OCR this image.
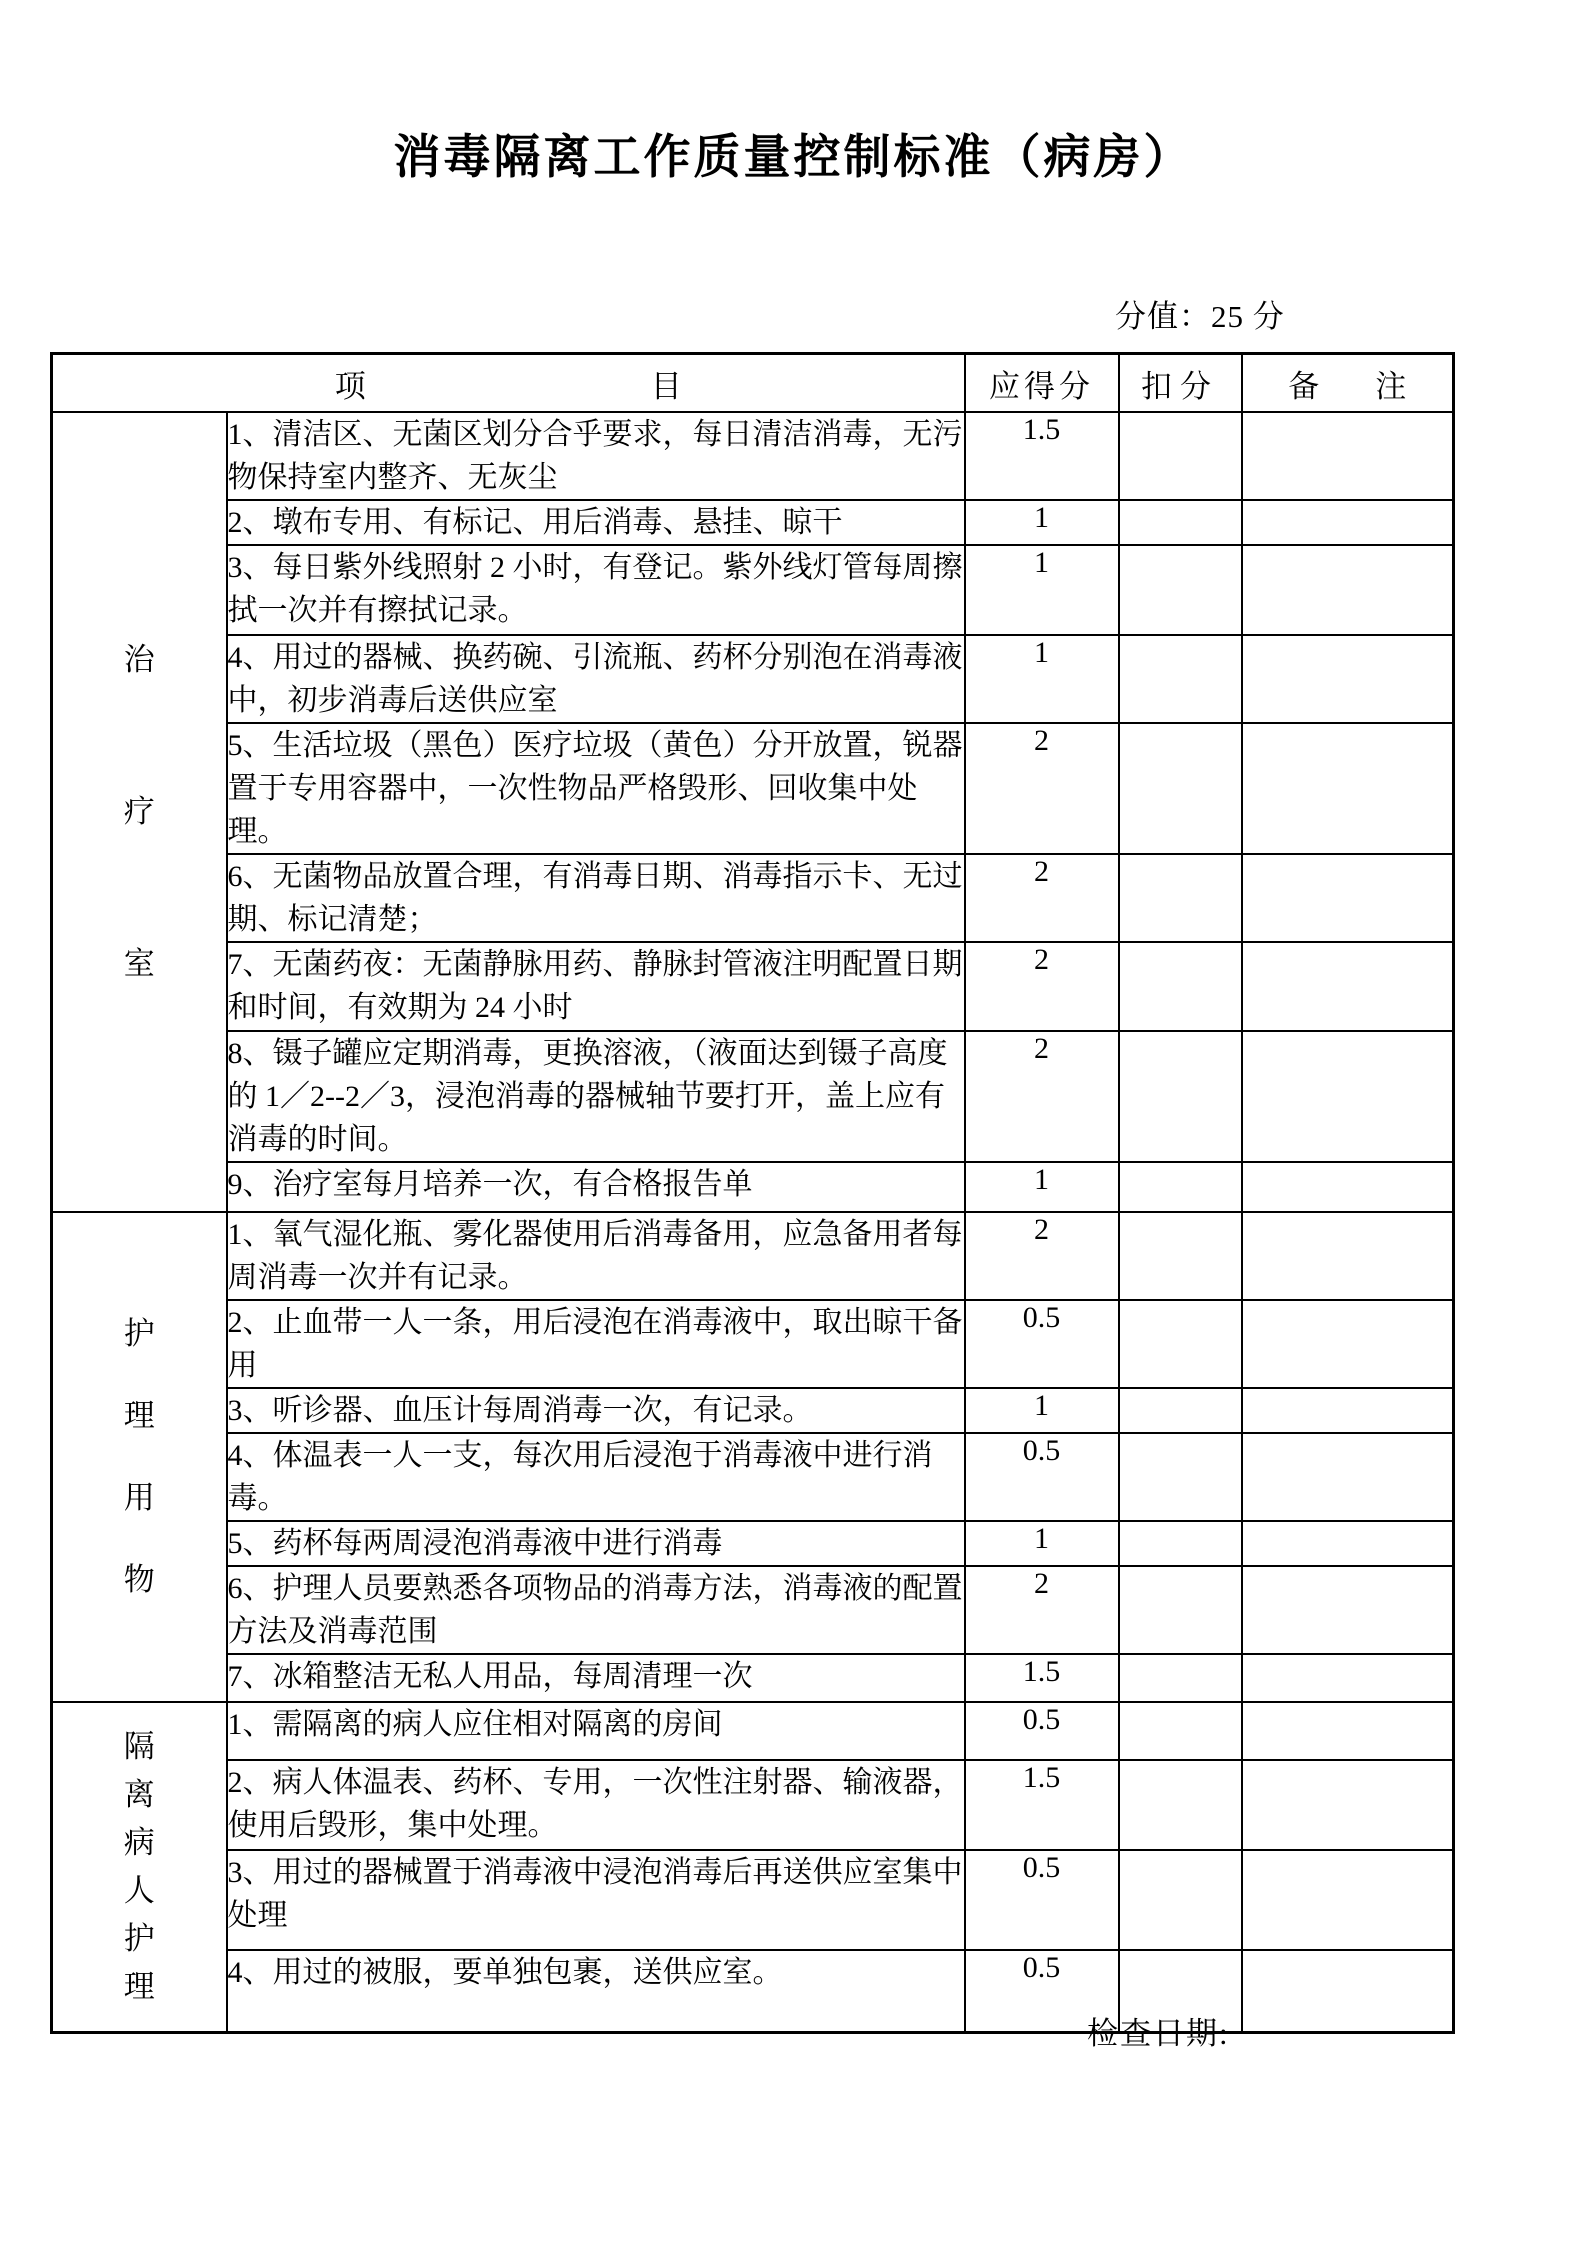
消毒隔离工作质量控制标准（病房）
分值：25 分
项 目		应得分	扣分	备 注

治
疗
室	1、清洁区、无菌区划分合乎要求，每日清洁消毒，无污物保持室内整齐、无灰尘	1.5		
	2、墩布专用、有标记、用后消毒、悬挂、晾干	1		
	3、每日紫外线照射 2 小时，有登记。紫外线灯管每周擦拭一次并有擦拭记录。	1		
	4、用过的器械、换药碗、引流瓶、药杯分别泡在消毒液中，初步消毒后送供应室	1		
	5、生活垃圾（黑色）医疗垃圾（黄色）分开放置，锐器置于专用容器中，一次性物品严格毁形、回收集中处理。	2		
	6、无菌物品放置合理，有消毒日期、消毒指示卡、无过期、标记清楚；	2		
	7、无菌药夜：无菌静脉用药、静脉封管液注明配置日期和时间，有效期为 24 小时	2		
	8、镊子罐应定期消毒，更换溶液，（液面达到镊子高度的 1／2--2／3，浸泡消毒的器械轴节要打开，盖上应有消毒的时间。	2		
	9、治疗室每月培养一次，有合格报告单	1		

护
理
用
物	1、氧气湿化瓶、雾化器使用后消毒备用，应急备用者每周消毒一次并有记录。	2		
	2、止血带一人一条，用后浸泡在消毒液中，取出晾干备用	0.5		
	3、听诊器、血压计每周消毒一次，有记录。	1		
	4、体温表一人一支，每次用后浸泡于消毒液中进行消毒。	0.5		
	5、药杯每两周浸泡消毒液中进行消毒	1		
	6、护理人员要熟悉各项物品的消毒方法，消毒液的配置方法及消毒范围	2		
	7、冰箱整洁无私人用品，每周清理一次	1.5		

隔
离
病
人
护
理
	1、需隔离的病人应住相对隔离的房间	0.5		
	2、病人体温表、药杯、专用，一次性注射器、输液器，使用后毁形，集中处理。	1.5		
	3、用过的器械置于消毒液中浸泡消毒后再送供应室集中处理	0.5		
	4、用过的被服，要单独包裹，送供应室。	0.5		
检查日期:
